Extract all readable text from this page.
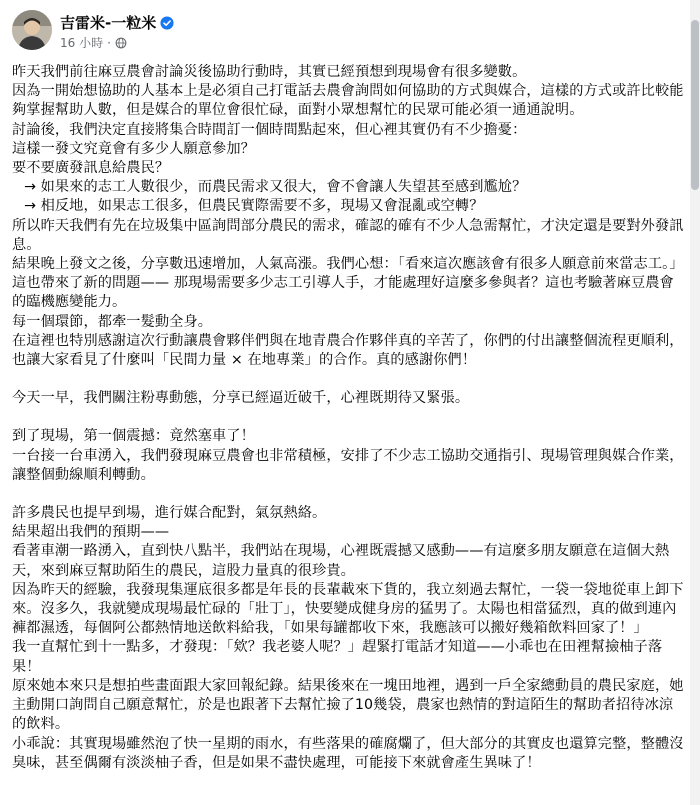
吉雷米-一粒米
16 小時 ·

昨天我們前往麻豆農會討論災後協助行動時，其實已經預想到現場會有很多變數。

因為一開始想協助的人基本上是必須自己打電話去農會詢問如何協助的方式與媒合，這樣的方式或許比較能夠掌握幫助人數，但是媒合的單位會很忙碌，面對小眾想幫忙的民眾可能必須一通通說明。

討論後，我們決定直接將集合時間訂一個時間點起來，但心裡其實仍有不少擔憂：

這樣一發文究竟會有多少人願意參加？

要不要廣發訊息給農民？

→ 如果來的志工人數很少，而農民需求又很大，會不會讓人失望甚至感到尷尬？

→ 相反地，如果志工很多，但農民實際需要不多，現場又會混亂或空轉？

所以昨天我們有先在垃圾集中區詢問部分農民的需求，確認的確有不少人急需幫忙，才決定還是要對外發訊息。

結果晚上發文之後，分享數迅速增加，人氣高漲。我們心想：「看來這次應該會有很多人願意前來當志工。」

這也帶來了新的問題—— 那現場需要多少志工引導人手，才能處理好這麼多參與者？這也考驗著麻豆農會的臨機應變能力。

每一個環節，都牽一髮動全身。

在這裡也特別感謝這次行動讓農會夥伴們與在地青農合作夥伴真的辛苦了，你們的付出讓整個流程更順利，也讓大家看見了什麼叫「民間力量 × 在地專業」的合作。真的感謝你們！

今天一早，我們關注粉專動態，分享已經逼近破千，心裡既期待又緊張。

到了現場，第一個震撼：竟然塞車了！

一台接一台車湧入，我們發現麻豆農會也非常積極，安排了不少志工協助交通指引、現場管理與媒合作業，讓整個動線順利轉動。

許多農民也提早到場，進行媒合配對，氣氛熱絡。

結果超出我們的預期——

看著車潮一路湧入，直到快八點半，我們站在現場，心裡既震撼又感動——有這麼多朋友願意在這個大熱天，來到麻豆幫助陌生的農民，這股力量真的很珍貴。

因為昨天的經驗，我發現集運底很多都是年長的長輩載來下貨的，我立刻過去幫忙，一袋一袋地從車上卸下來。沒多久，我就變成現場最忙碌的「壯丁」，快要變成健身房的猛男了。太陽也相當猛烈，真的做到連內褲都濕透，每個阿公都熱情地送飲料給我，「如果每罐都收下來，我應該可以搬好幾箱飲料回家了！」

我一直幫忙到十一點多，才發現：「欸？我老婆人呢？」趕緊打電話才知道——小乖也在田裡幫撿柚子落果！

原來她本來只是想拍些畫面跟大家回報紀錄。結果後來在一塊田地裡，遇到一戶全家總動員的農民家庭，她主動開口詢問自己願意幫忙，於是也跟著下去幫忙撿了10幾袋，農家也熱情的對這陌生的幫助者招待冰涼的飲料。

小乖說：其實現場雖然泡了快一星期的雨水，有些落果的確腐爛了，但大部分的其實皮也還算完整，整體沒臭味，甚至偶爾有淡淡柚子香，但是如果不盡快處理，可能接下來就會產生異味了！
